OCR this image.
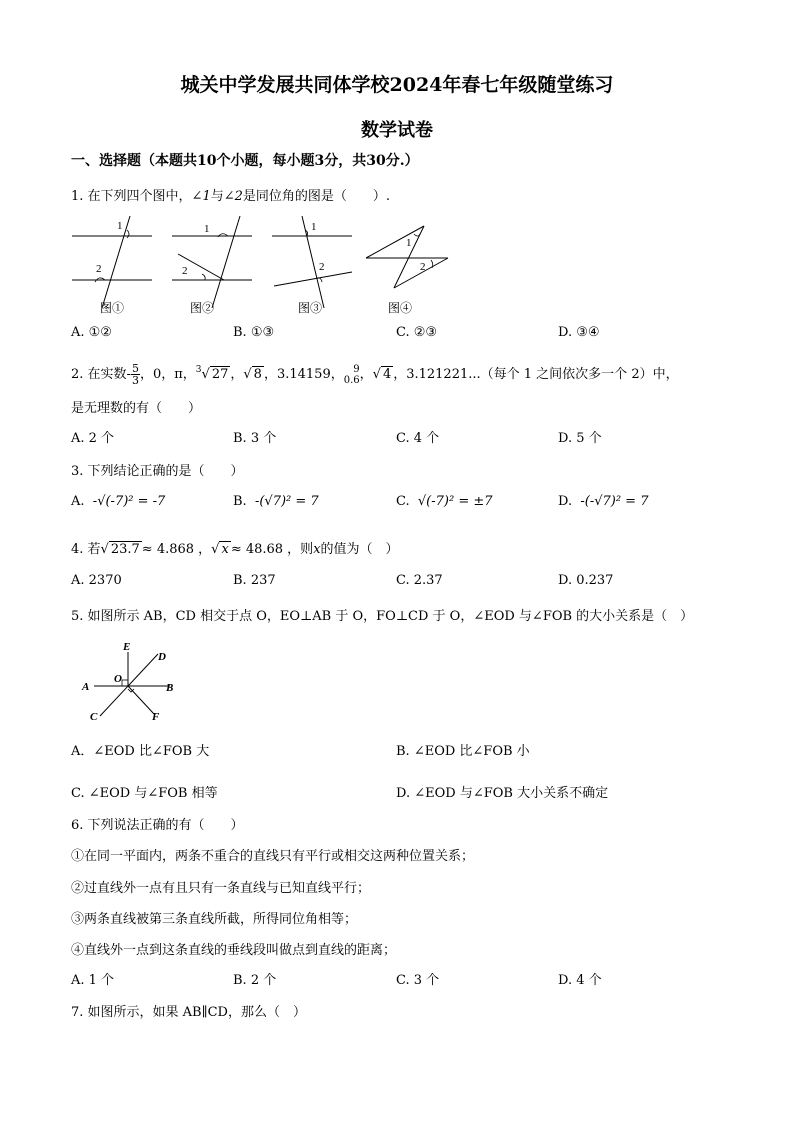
城关中学发展共同体学校2024年春七年级随堂练习
数学试卷
一、选择题（本题共10个小题，每小题3分，共30分.）
1. 在下列四个图中，∠1与∠2是同位角的图是（　　）.
1
2
1
2
1
2
1
2
图①	图②	图③	图④
A. ①②	B. ①③	C. ②③	D. ③④
2. 在实数- $\frac{5}{3}$ ，0，π，$^3$√ 27 ，√ 8 ，3.14159， 9
0.6 ，√ 4 ，3.121221...（每个 1 之间依次多一个 2）中，
是无理数的有（　　）
A. 2 个	B. 3 个	C. 4 个	D. 5 个
3. 下列结论正确的是（　　）
A. -√(-7)² = -7	B. -(√7)² = 7	C. √(-7)² = ±7	D. -(-√7)² = 7
4. 若√ 23.7 ≈ 4.868 ，√ x ≈ 48.68 ，则x的值为（　）
A. 2370	B. 237	C. 2.37	D. 0.237
5. 如图所示 AB，CD 相交于点 O，EO⊥AB 于 O，FO⊥CD 于 O，∠EOD 与∠FOB 的大小关系是（　）
E
D
O
A	B
C	F
A．∠EOD 比∠FOB 大	B. ∠EOD 比∠FOB 小
C. ∠EOD 与∠FOB 相等	D. ∠EOD 与∠FOB 大小关系不确定
6. 下列说法正确的有（　　）
①在同一平面内，两条不重合的直线只有平行或相交这两种位置关系；
②过直线外一点有且只有一条直线与已知直线平行；
③两条直线被第三条直线所截，所得同位角相等；
④直线外一点到这条直线的垂线段叫做点到直线的距离；
A. 1 个	B. 2 个	C. 3 个	D. 4 个
7. 如图所示，如果 AB∥CD，那么（　）
